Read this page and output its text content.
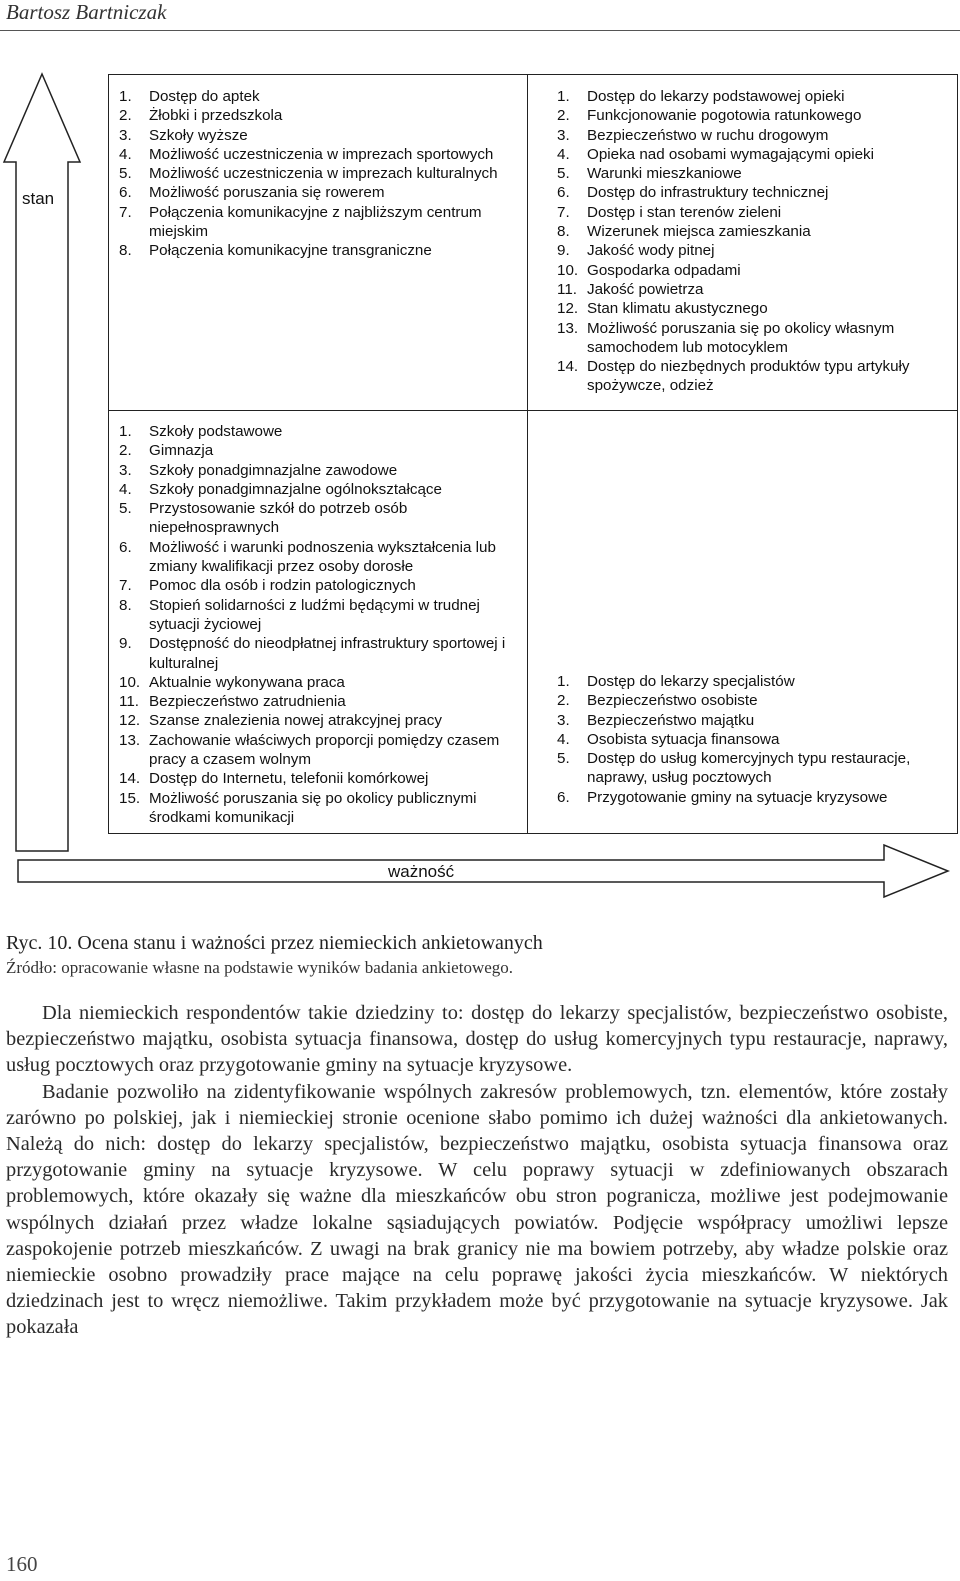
Bartosz Bartniczak
stan
1. Dostęp do aptek
2. Żłobki i przedszkola
3. Szkoły wyższe
4. Możliwość uczestniczenia w imprezach sportowych
5. Możliwość uczestniczenia w imprezach kulturalnych
6. Możliwość poruszania się rowerem
7. Połączenia komunikacyjne z najbliższym centrum miejskim
8. Połączenia komunikacyjne transgraniczne
1. Dostęp do lekarzy podstawowej opieki
2. Funkcjonowanie pogotowia ratunkowego
3. Bezpieczeństwo w ruchu drogowym
4. Opieka nad osobami wymagającymi opieki
5. Warunki mieszkaniowe
6. Dostęp do infrastruktury technicznej
7. Dostęp i stan terenów zieleni
8. Wizerunek miejsca zamieszkania
9. Jakość wody pitnej
10. Gospodarka odpadami
11. Jakość powietrza
12. Stan klimatu akustycznego
13. Możliwość poruszania się po okolicy własnym samochodem lub motocyklem
14. Dostęp do niezbędnych produktów typu artykuły spożywcze, odzież
1. Szkoły podstawowe
2. Gimnazja
3. Szkoły ponadgimnazjalne zawodowe
4. Szkoły ponadgimnazjalne ogólnokształcące
5. Przystosowanie szkół do potrzeb osób niepełnosprawnych
6. Możliwość i warunki podnoszenia wykształcenia lub zmiany kwalifikacji przez osoby dorosłe
7. Pomoc dla osób i rodzin patologicznych
8. Stopień solidarności z ludźmi będącymi w trudnej sytuacji życiowej
9. Dostępność do nieodpłatnej infrastruktury sportowej i kulturalnej
10. Aktualnie wykonywana praca
11. Bezpieczeństwo zatrudnienia
12. Szanse znalezienia nowej atrakcyjnej pracy
13. Zachowanie właściwych proporcji pomiędzy czasem pracy a czasem wolnym
14. Dostęp do Internetu, telefonii komórkowej
15. Możliwość poruszania się po okolicy publicznymi środkami komunikacji
1. Dostęp do lekarzy specjalistów
2. Bezpieczeństwo osobiste
3. Bezpieczeństwo majątku
4. Osobista sytuacja finansowa
5. Dostęp do usług komercyjnych typu restauracje, naprawy, usług pocztowych
6. Przygotowanie gminy na sytuacje kryzysowe
ważność
Ryc. 10. Ocena stanu i ważności przez niemieckich ankietowanych
Źródło: opracowanie własne na podstawie wyników badania ankietowego.

Dla niemieckich respondentów takie dziedziny to: dostęp do lekarzy specjalistów, bezpieczeństwo osobiste, bezpieczeństwo majątku, osobista sytuacja finansowa, dostęp do usług komercyjnych typu restauracje, naprawy, usług pocztowych oraz przygotowanie gminy na sytuacje kryzysowe.

Badanie pozwoliło na zidentyfikowanie wspólnych zakresów problemowych, tzn. elementów, które zostały zarówno po polskiej, jak i niemieckiej stronie ocenione słabo pomimo ich dużej ważności dla ankietowanych. Należą do nich: dostęp do lekarzy specjalistów, bezpieczeństwo majątku, osobista sytuacja finansowa oraz przygotowanie gminy na sytuacje kryzysowe. W celu poprawy sytuacji w zdefiniowanych obszarach problemowych, które okazały się ważne dla mieszkańców obu stron pogranicza, możliwe jest podejmowanie wspólnych działań przez władze lokalne sąsiadujących powiatów. Podjęcie współpracy umożliwi lepsze zaspokojenie potrzeb mieszkańców. Z uwagi na brak granicy nie ma bowiem potrzeby, aby władze polskie oraz niemieckie osobno prowadziły prace mające na celu poprawę jakości życia mieszkańców. W niektórych dziedzinach jest to wręcz niemożliwe. Takim przykładem może być przygotowanie na sytuacje kryzysowe. Jak pokazała

160
